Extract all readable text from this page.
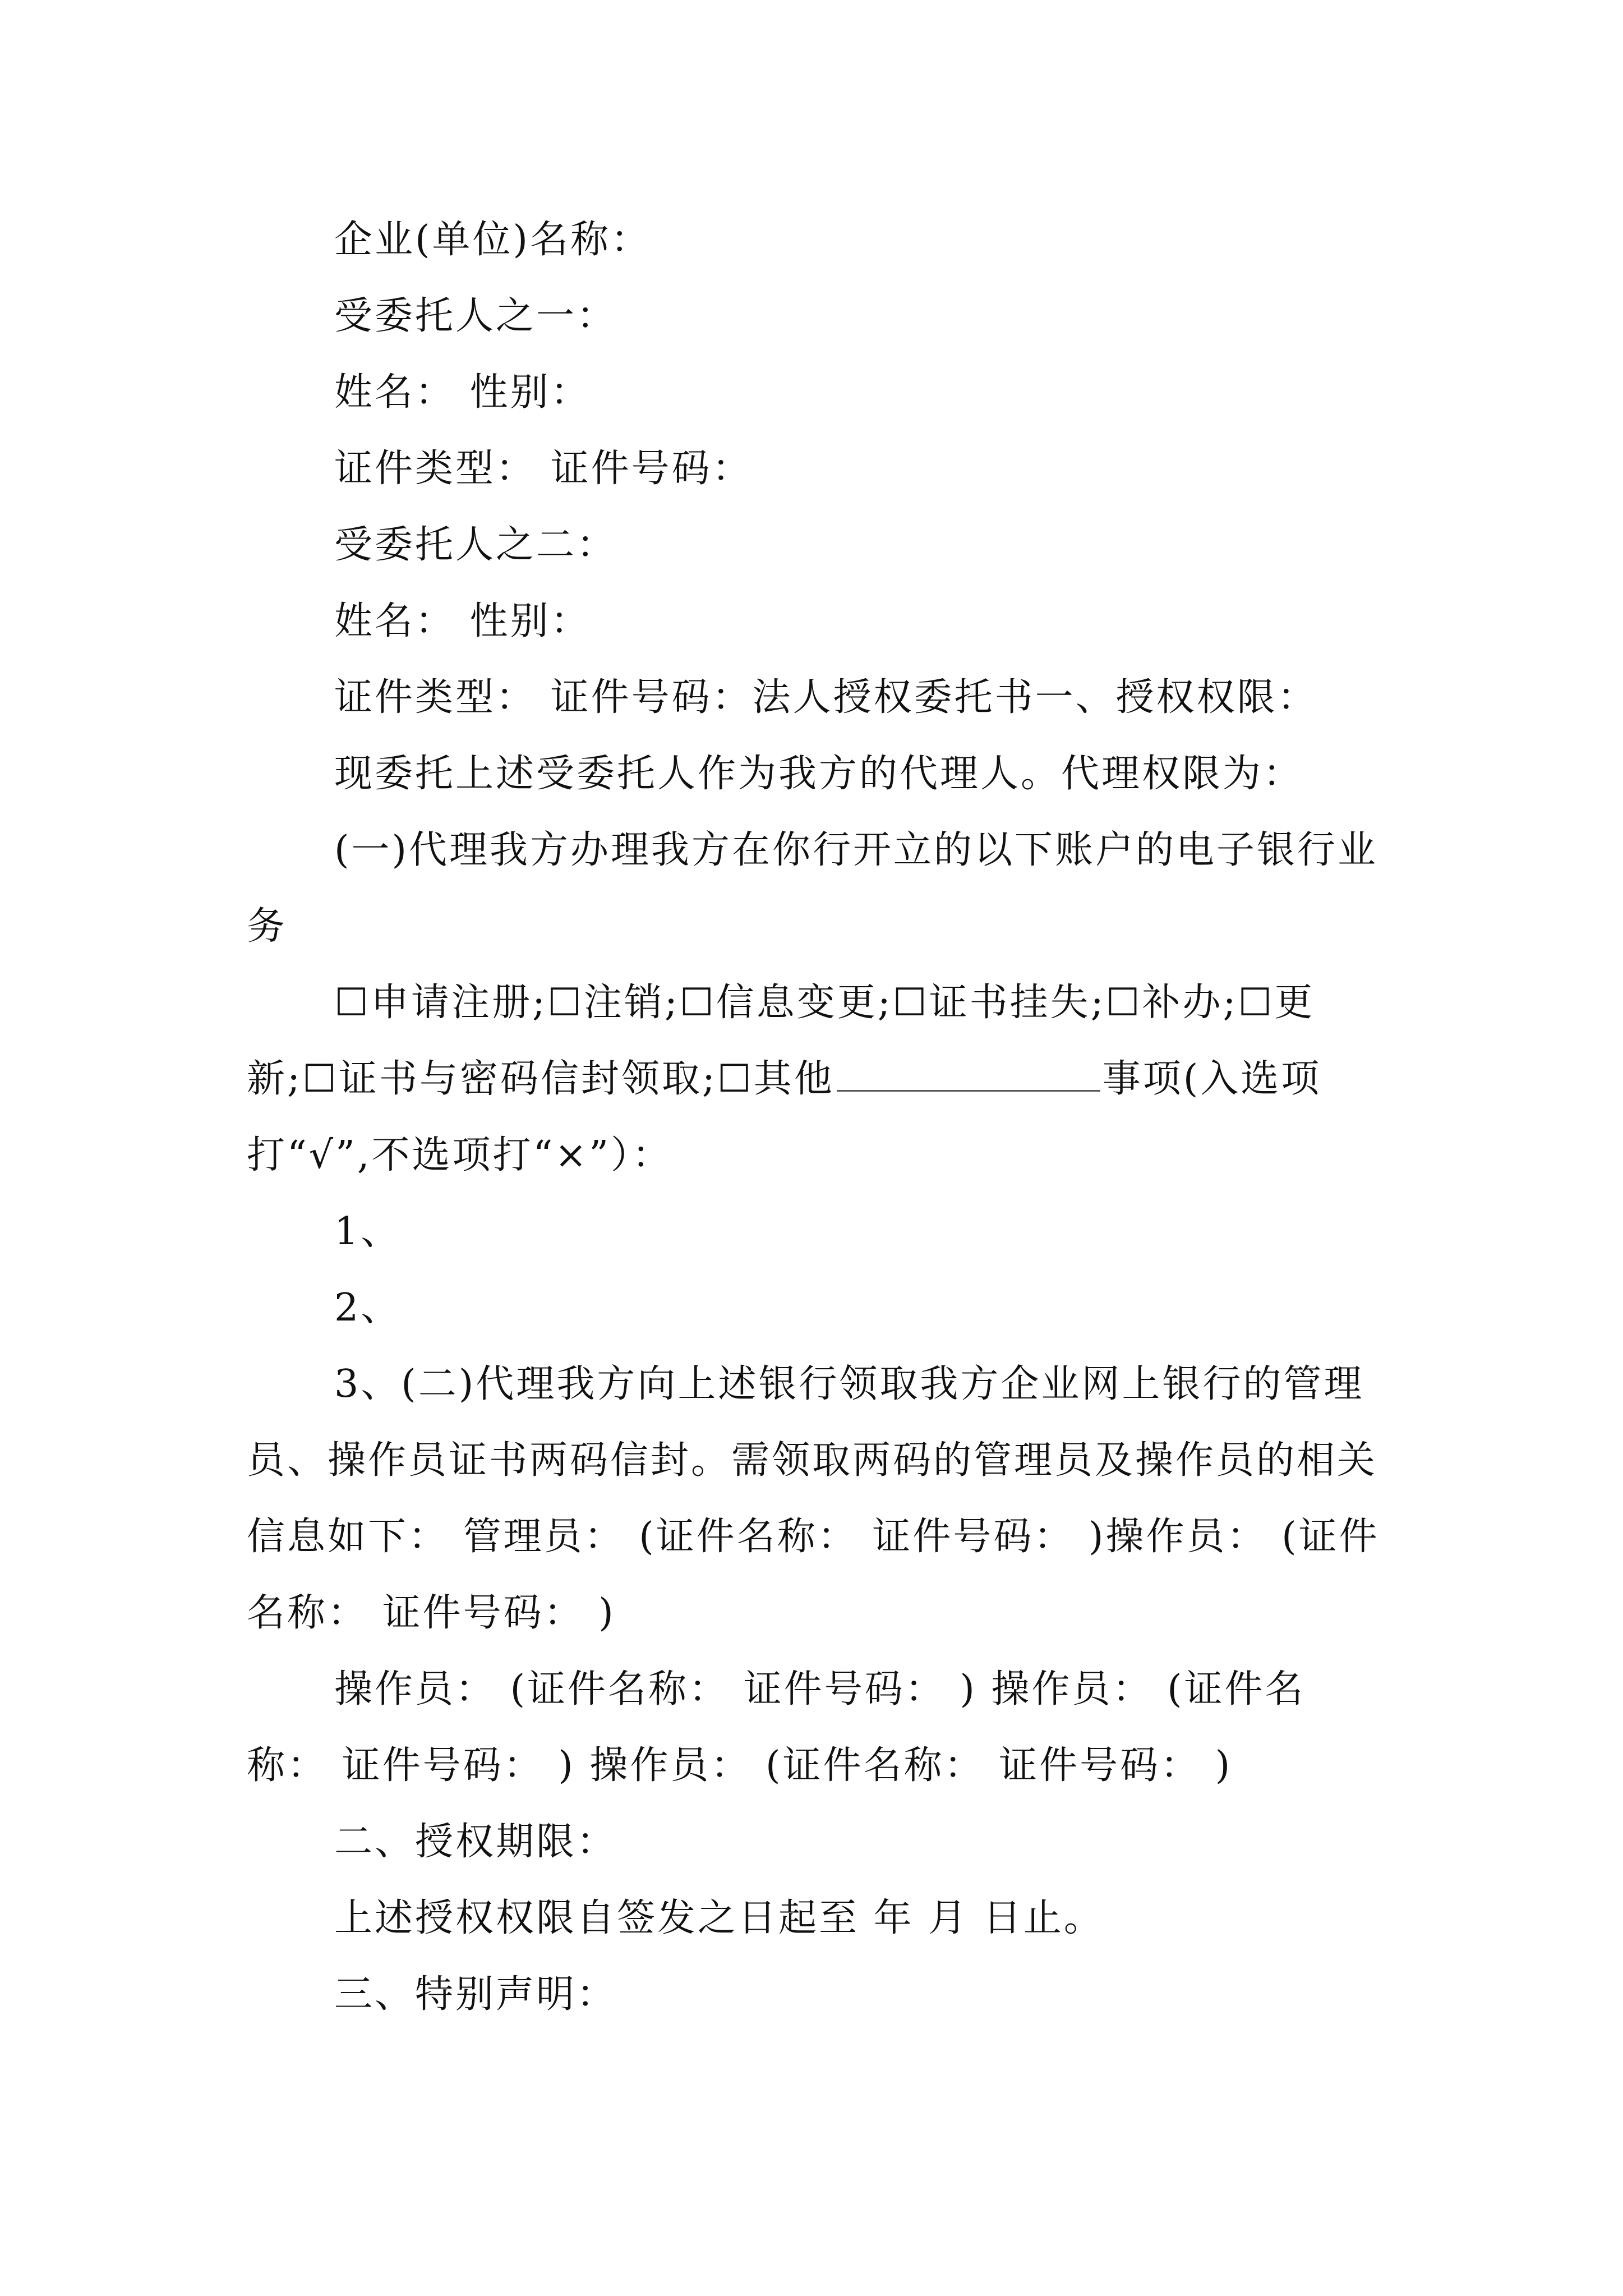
企业(单位)名称：

受委托人之一：

姓名： 性别：

证件类型： 证件号码：

受委托人之二：

姓名： 性别：

证件类型： 证件号码：法人授权委托书一、授权权限：

现委托上述受委托人作为我方的代理人。代理权限为：

(一)代理我方办理我方在你行开立的以下账户的电子银行业务

☐申请注册;☐注销;☐信息变更;☐证书挂失;☐补办;☐更新;☐证书与密码信封领取;☐其他	事项(入选项打“√”,不选项打“×”）：

1、

2、

3、(二)代理我方向上述银行领取我方企业网上银行的管理员、操作员证书两码信封。需领取两码的管理员及操作员的相关信息如下： 管理员： (证件名称： 证件号码： )操作员： (证件名称： 证件号码： )

操作员： (证件名称： 证件号码： ) 操作员： (证件名称： 证件号码： ) 操作员： (证件名称： 证件号码： )

二、授权期限：

上述授权权限自签发之日起至 年 月 日止。

三、特别声明：
